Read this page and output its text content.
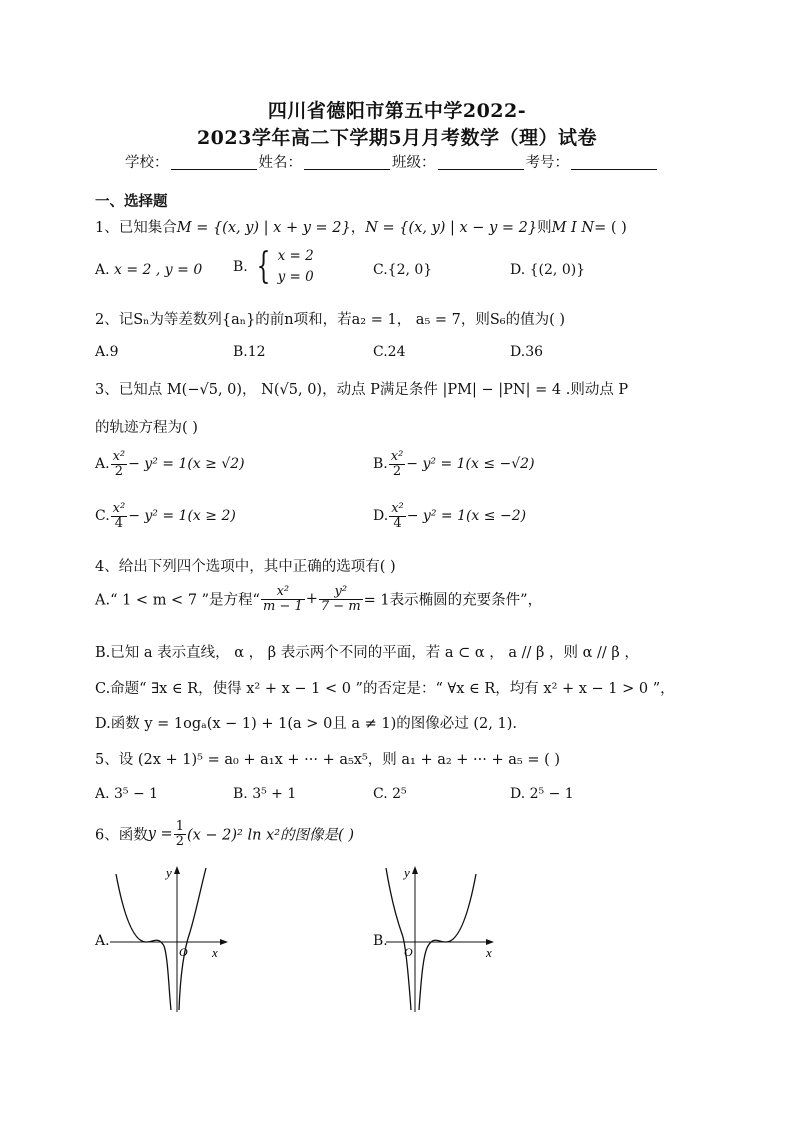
四川省德阳市第五中学2022-
2023学年高二下学期5月月考数学（理）试卷
学校：	姓名：	班级：	考号：
一、选择题
1、已知集合M = {(x, y) | x + y = 2}，N = {(x, y) | x − y = 2}则M I N= ( )
A. x = 2 , y = 0 B. { x = 2
y = 0	C.{2, 0}	D. {(2, 0)}
2、记Sₙ为等差数列{aₙ}的前n项和，若a₂ = 1， a₅ = 7，则S₆的值为( )
A.9	B.12	C.24	D.36
3、已知点 M(−√5, 0)， N(√5, 0)，动点 P满足条件 |PM| − |PN| = 4 .则动点 P
的轨迹方程为( )
A. $\frac{\text{x²}}{2} - y^2 = 1(x \ge √2)$	B. $\frac{\text{x²}}{2} - y^2 = 1(x \le -√2)$
C. $\frac{\text{x²}}{4} - y^2 = 1(x \ge 2)$	D. $\frac{\text{x²}}{4} - y^2 = 1(x \le -2)$
4、给出下列四个选项中，其中正确的选项有( )
A.“ 1 < m < 7 ”是方程“ $\frac{\text{x²}}{m - 1} + \frac{\text{y²}}{7 - m} = 1$表示椭圆的充要条件”，
B.已知 a 表示直线， α ， β 表示两个不同的平面，若 a ⊂ α ， a // β ，则 α // β ，
C.命题“ ∃x ∈ R，使得 x² + x − 1 < 0 ”的否定是：“ ∀x ∈ R，均有 x² + x − 1 > 0 ”，
D.函数 y = 1ogₐ(x − 1) + 1(a > 0且 a ≠ 1)的图像必过 (2, 1).
5、设 (2x + 1)⁵ = a₀ + a₁x + ··· + a₅x⁵，则 a₁ + a₂ + ··· + a₅ = ( )
A. 3⁵ − 1	B. 3⁵ + 1	C. 2⁵	D. 2⁵ − 1
6、函数$y = \frac{1}{2} (x - 2)^2$ ln x²的图像是( )
A.
y
x
O
B.
y
x
O
